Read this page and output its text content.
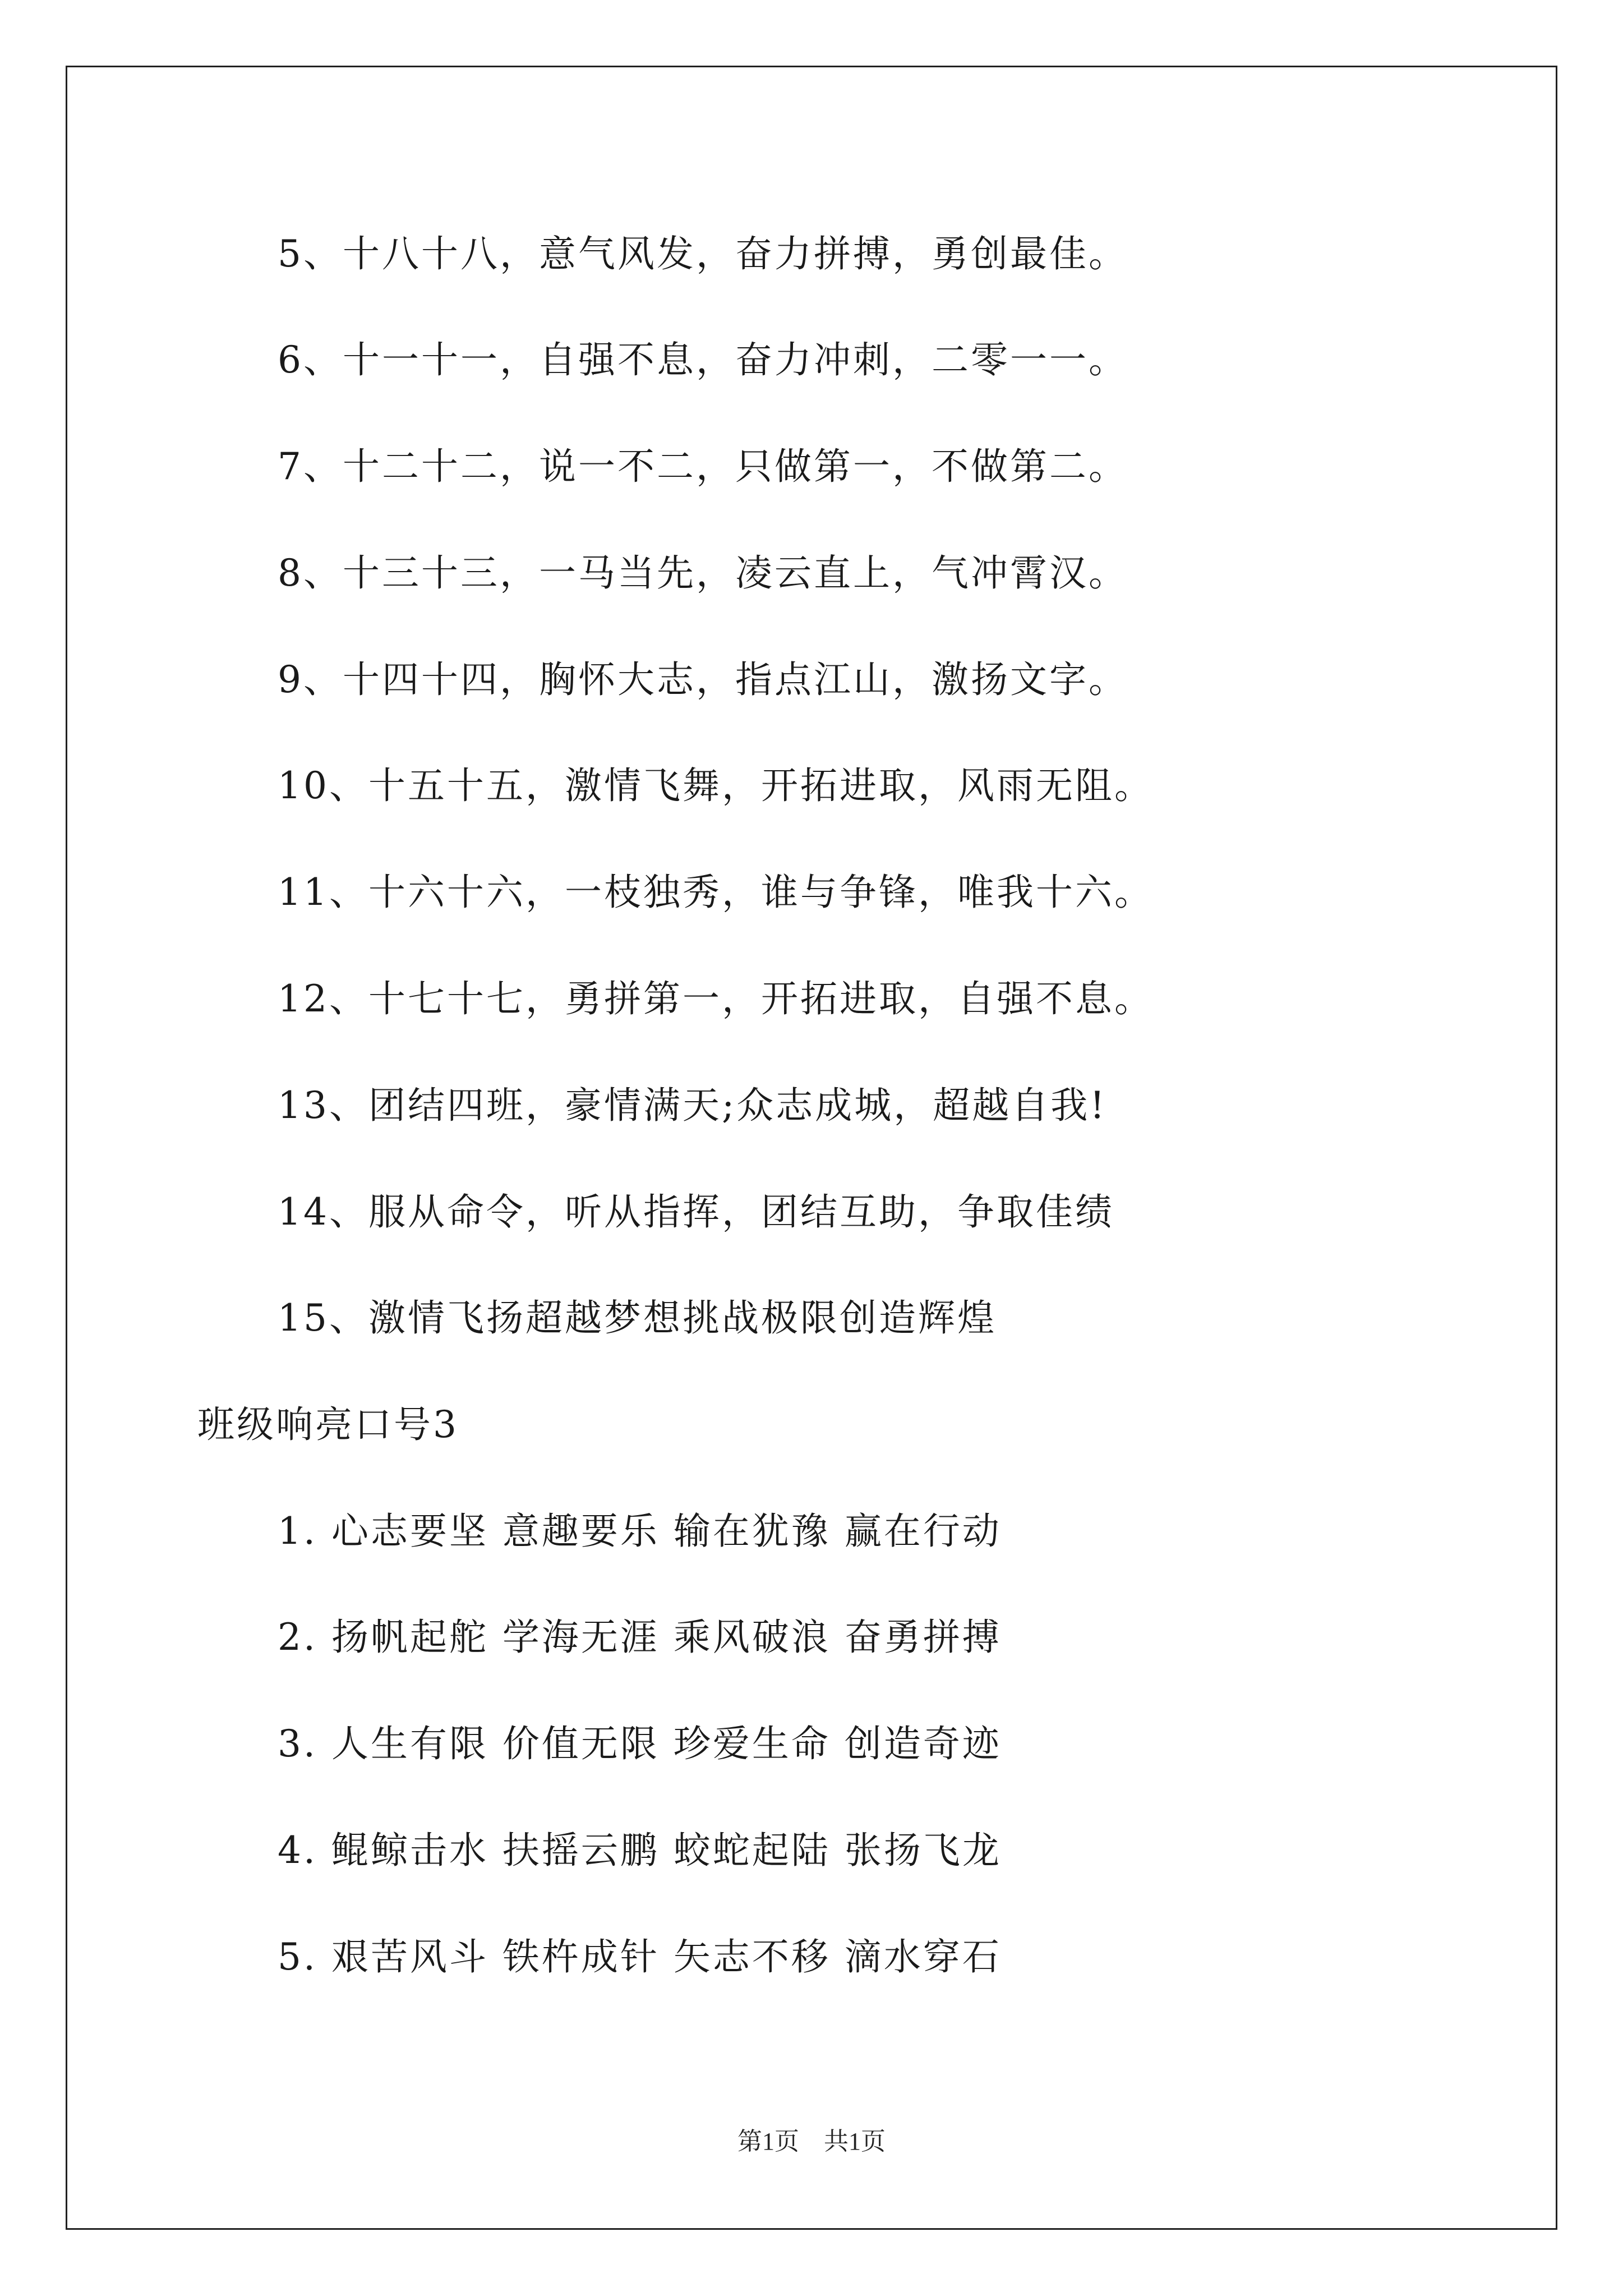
5、十八十八，意气风发，奋力拼搏，勇创最佳。
6、十一十一，自强不息，奋力冲刺，二零一一。
7、十二十二，说一不二，只做第一，不做第二。
8、十三十三，一马当先，凌云直上，气冲霄汉。
9、十四十四，胸怀大志，指点江山，激扬文字。
10、十五十五，激情飞舞，开拓进取，风雨无阻。
11、十六十六，一枝独秀，谁与争锋，唯我十六。
12、十七十七，勇拼第一，开拓进取，自强不息。
13、团结四班，豪情满天;众志成城，超越自我!
14、服从命令，听从指挥，团结互助，争取佳绩
15、激情飞扬超越梦想挑战极限创造辉煌
班级响亮口号3
1. 心志要坚 意趣要乐 输在犹豫 赢在行动
2. 扬帆起舵 学海无涯 乘风破浪 奋勇拼搏
3. 人生有限 价值无限 珍爱生命 创造奇迹
4. 鲲鲸击水 扶摇云鹏 蛟蛇起陆 张扬飞龙
5. 艰苦风斗 铁杵成针 矢志不移 滴水穿石
第1页　共1页
